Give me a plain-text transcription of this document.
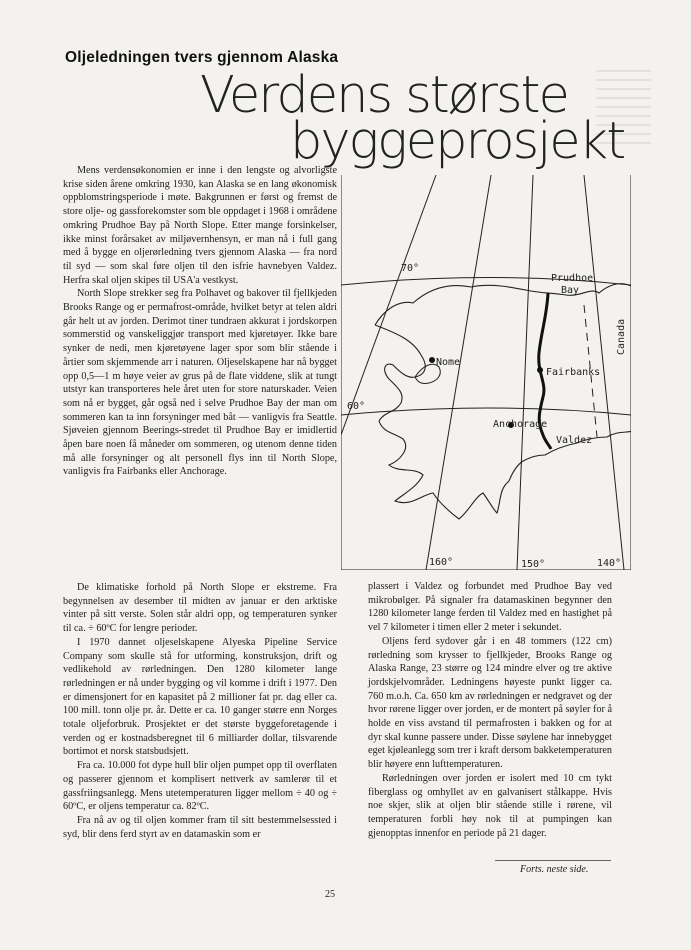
Oljeledningen tvers gjennom Alaska
Verdens største
byggeprosjekt

Mens verdensøkonomien er inne i den lengste og alvorligste krise siden årene omkring 1930, kan Alaska se en lang økonomisk oppblomstringsperiode i møte. Bakgrunnen er først og fremst de store olje- og gassforekomster som ble oppdaget i 1968 i områdene omkring Prudhoe Bay på North Slope. Etter mange forsinkelser, ikke minst forårsaket av miljøvernhensyn, er man nå i full gang med å bygge en oljerørledning tvers gjennom Alaska — fra nord til syd — som skal føre oljen til den isfrie havnebyen Valdez. Herfra skal oljen skipes til USA'a vestkyst.

North Slope strekker seg fra Polhavet og bakover til fjellkjeden Brooks Range og er permafrost-område, hvilket betyr at telen aldri går helt ut av jorden. Derimot tiner tundraen akkurat i jordskorpen sommerstid og vanskeliggjør transport med kjøretøyer. Ikke bare synker de nedi, men kjøretøyene lager spor som blir stående i årtier som skjemmende arr i naturen. Oljeselskapene har nå bygget opp 0,5—1 m høye veier av grus på de flate viddene, slik at tungt utstyr kan transporteres hele året uten for store naturskader. Veien som nå er bygget, går også ned i selve Prudhoe Bay der man om sommeren kan ta inn forsyninger med båt — vanligvis fra Seattle. Sjøveien gjennom Beerings-stredet til Prudhoe Bay er imidlertid åpen bare noen få måneder om sommeren, og utenom denne tiden må alle forsyninger og alt personell flys inn til North Slope, vanligvis fra Fairbanks eller Anchorage.

De klimatiske forhold på North Slope er ekstreme. Fra begynnelsen av desember til midten av januar er den arktiske vinter på sitt verste. Solen står aldri opp, og temperaturen synker til ca. ÷ 60ºC for lengre perioder.

I 1970 dannet oljeselskapene Alyeska Pipeline Service Company som skulle stå for utforming, konstruksjon, drift og vedlikehold av rørledningen. Den 1280 kilometer lange rørledningen er nå under bygging og vil komme i drift i 1977. Den er dimensjonert for en kapasitet på 2 millioner fat pr. dag eller ca. 100 mill. tonn olje pr. år. Dette er ca. 10 ganger større enn Norges totale oljeforbruk. Prosjektet er det største byggeforetagende i verden og er kostnadsberegnet til 6 milliarder dollar, tilsvarende bortimot et norsk statsbudsjett.

Fra ca. 10.000 fot dype hull blir oljen pumpet opp til overflaten og passerer gjennom et komplisert nettverk av samlerør til et gassfriingsanlegg. Mens utetemperaturen ligger mellom ÷ 40 og ÷ 60ºC, er oljens temperatur ca. 82ºC.

Fra nå av og til oljen kommer fram til sitt bestemmelsessted i syd, blir dens ferd styrt av en datamaskin som er

70°
60°
160°	150°	140°
Prudhoe
Bay
Nome
Fairbanks
Anchorage
Valdez
Canada

plassert i Valdez og forbundet med Prudhoe Bay ved mikrobølger. På signaler fra datamaskinen begynner den 1280 kilometer lange ferden til Valdez med en hastighet på vel 7 kilometer i timen eller 2 meter i sekundet.

Oljens ferd sydover går i en 48 tommers (122 cm) rørledning som krysser to fjellkjeder, Brooks Range og Alaska Range, 23 større og 124 mindre elver og tre aktive jordskjelvområder. Ledningens høyeste punkt ligger ca. 760 m.o.h. Ca. 650 km av rørledningen er nedgravet og der hvor rørene ligger over jorden, er de montert på søyler for å holde en viss avstand til permafrosten i bakken og for at dyr skal kunne passere under. Disse søylene har innebygget eget kjøleanlegg som trer i kraft dersom bakketemperaturen blir høyere enn lufttemperaturen.

Rørledningen over jorden er isolert med 10 cm tykt fiberglass og omhyllet av en galvanisert stålkappe. Hvis noe skjer, slik at oljen blir stående stille i rørene, vil temperaturen forbli høy nok til at pumpingen kan gjenopptas innenfor en periode på 21 dager.

Forts. neste side.
25
